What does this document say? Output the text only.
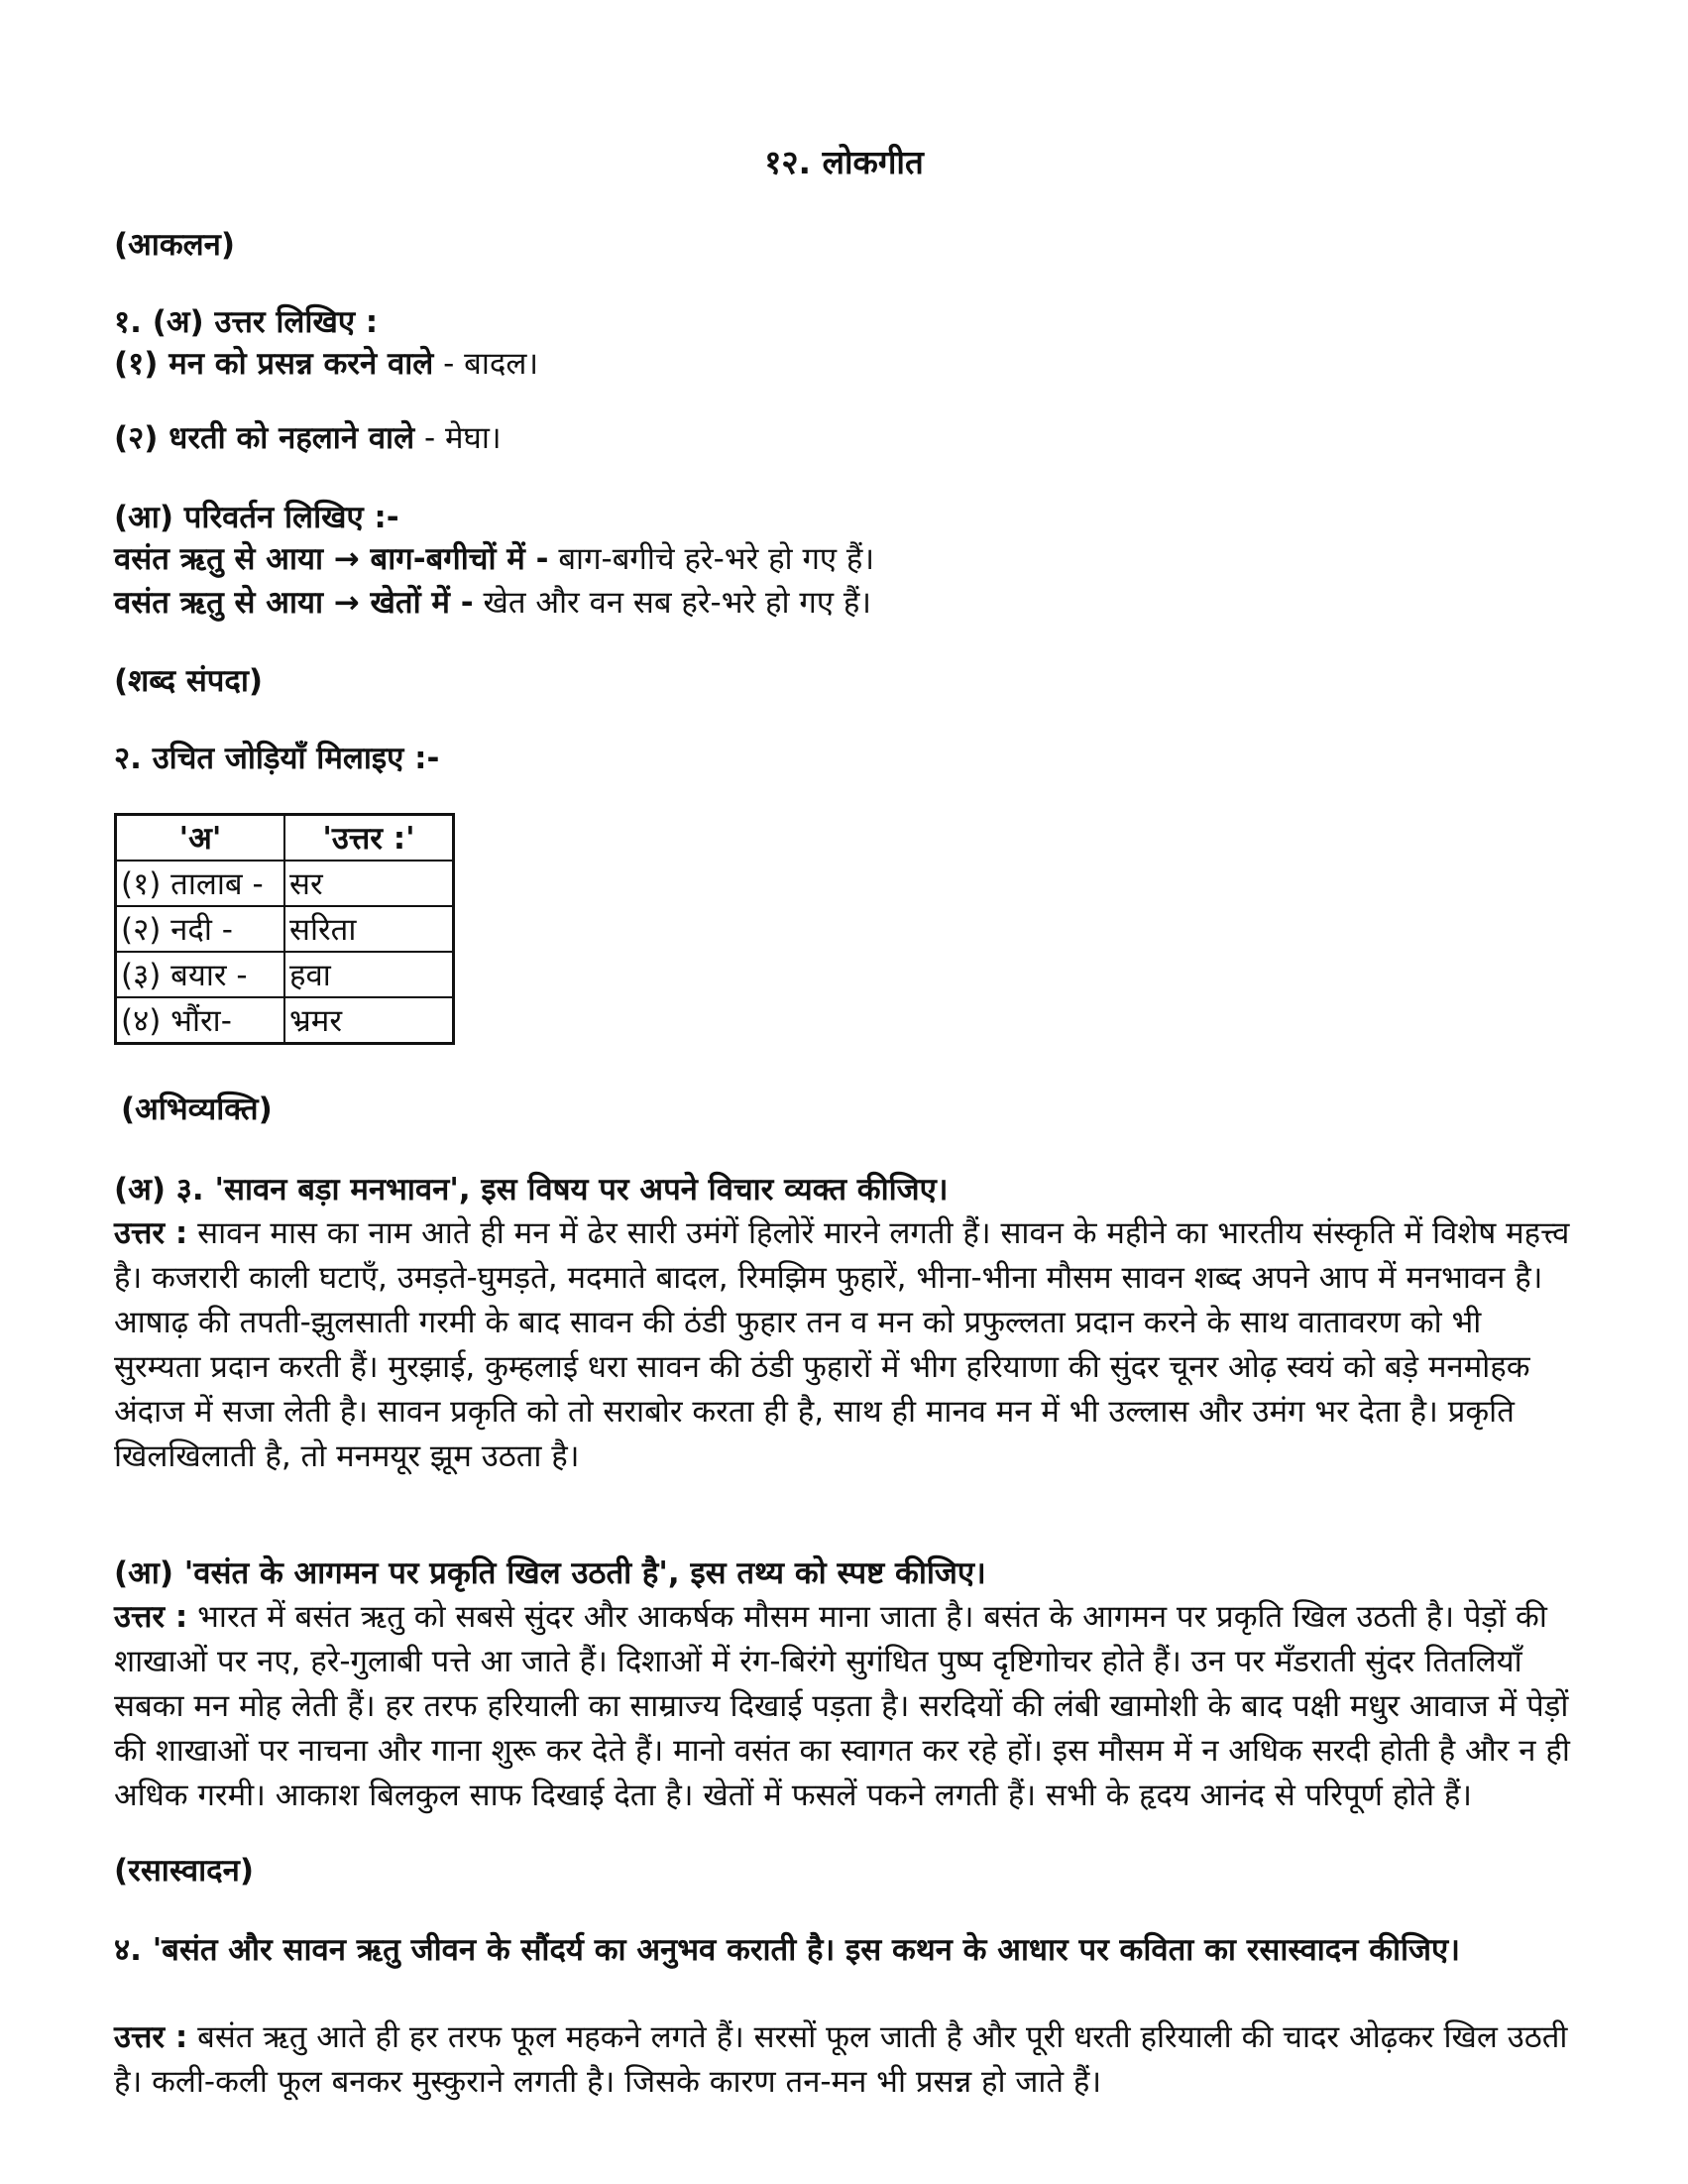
१२. लोकगीत
(आकलन)
१. (अ) उत्तर लिखिए :
(१) मन को प्रसन्न करने वाले - बादल।
(२) धरती को नहलाने वाले - मेघा।
(आ) परिवर्तन लिखिए :-
वसंत ऋतु से आया → बाग-बगीचों में - बाग-बगीचे हरे-भरे हो गए हैं।
वसंत ऋतु से आया → खेतों में - खेत और वन सब हरे-भरे हो गए हैं।
(शब्द संपदा)
२. उचित जोड़ियाँ मिलाइए :-
'अ'	'उत्तर :'
(१) तालाब -	सर
(२) नदी -	सरिता
(३) बयार -	हवा
(४) भौंरा-	भ्रमर
(अभिव्यक्ति)
(अ) ३. 'सावन बड़ा मनभावन', इस विषय पर अपने विचार व्यक्त कीजिए।
उत्तर : सावन मास का नाम आते ही मन में ढेर सारी उमंगें हिलोरें मारने लगती हैं। सावन के महीने का भारतीय संस्कृति में विशेष महत्त्व है। कजरारी काली घटाएँ, उमड़ते-घुमड़ते, मदमाते बादल, रिमझिम फुहारें, भीना-भीना मौसम सावन शब्द अपने आप में मनभावन है। आषाढ़ की तपती-झुलसाती गरमी के बाद सावन की ठंडी फुहार तन व मन को प्रफुल्लता प्रदान करने के साथ वातावरण को भी सुरम्यता प्रदान करती हैं। मुरझाई, कुम्हलाई धरा सावन की ठंडी फुहारों में भीग हरियाणा की सुंदर चूनर ओढ़ स्वयं को बड़े मनमोहक अंदाज में सजा लेती है। सावन प्रकृति को तो सराबोर करता ही है, साथ ही मानव मन में भी उल्लास और उमंग भर देता है। प्रकृति खिलखिलाती है, तो मनमयूर झूम उठता है।
(आ) 'वसंत के आगमन पर प्रकृति खिल उठती है', इस तथ्य को स्पष्ट कीजिए।
उत्तर : भारत में बसंत ऋतु को सबसे सुंदर और आकर्षक मौसम माना जाता है। बसंत के आगमन पर प्रकृति खिल उठती है। पेड़ों की शाखाओं पर नए, हरे-गुलाबी पत्ते आ जाते हैं। दिशाओं में रंग-बिरंगे सुगंधित पुष्प दृष्टिगोचर होते हैं। उन पर मँडराती सुंदर तितलियाँ सबका मन मोह लेती हैं। हर तरफ हरियाली का साम्राज्य दिखाई पड़ता है। सरदियों की लंबी खामोशी के बाद पक्षी मधुर आवाज में पेड़ों की शाखाओं पर नाचना और गाना शुरू कर देते हैं। मानो वसंत का स्वागत कर रहे हों। इस मौसम में न अधिक सरदी होती है और न ही अधिक गरमी। आकाश बिलकुल साफ दिखाई देता है। खेतों में फसलें पकने लगती हैं। सभी के हृदय आनंद से परिपूर्ण होते हैं।
(रसास्वादन)
४. 'बसंत और सावन ऋतु जीवन के सौंदर्य का अनुभव कराती है। इस कथन के आधार पर कविता का रसास्वादन कीजिए।
उत्तर : बसंत ऋतु आते ही हर तरफ फूल महकने लगते हैं। सरसों फूल जाती है और पूरी धरती हरियाली की चादर ओढ़कर खिल उठती है। कली-कली फूल बनकर मुस्कुराने लगती है। जिसके कारण तन-मन भी प्रसन्न हो जाते हैं।
